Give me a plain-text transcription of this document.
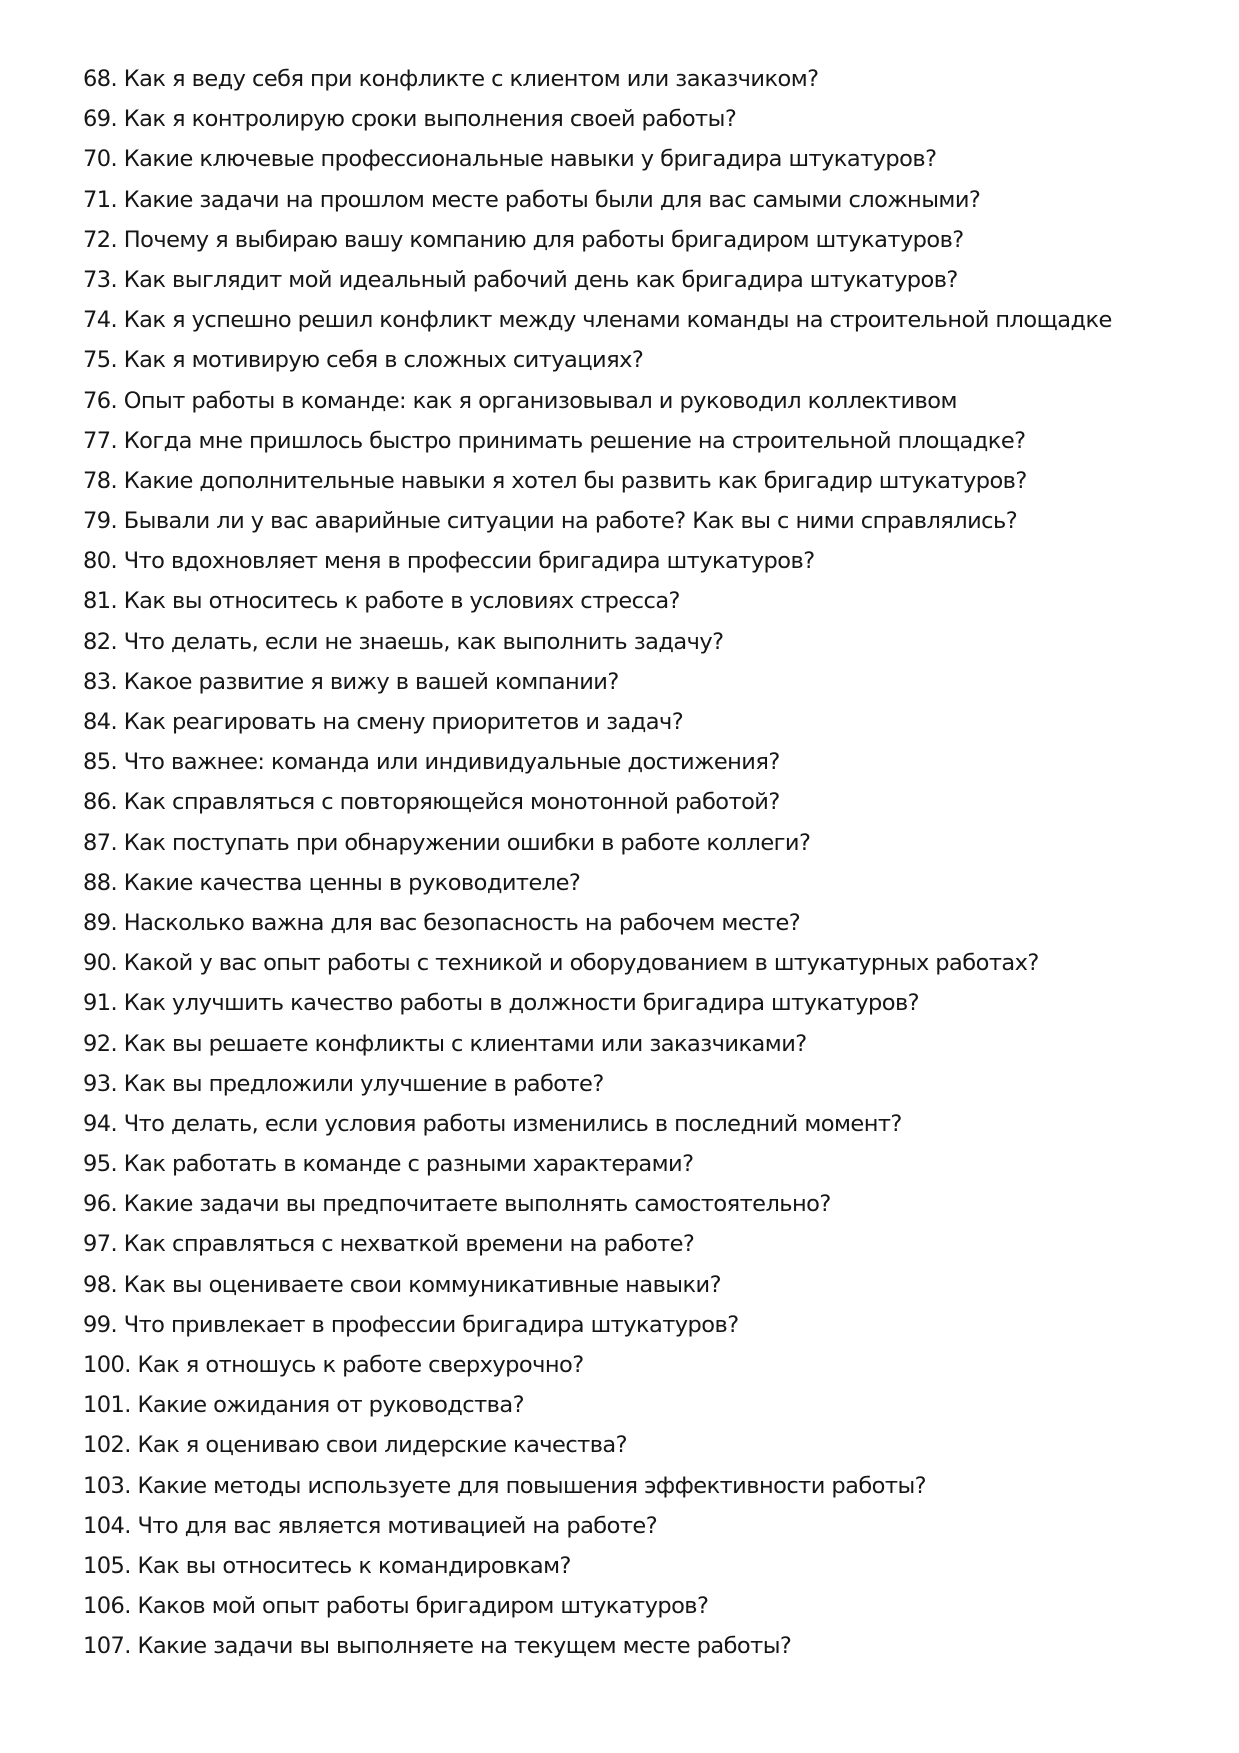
68. Как я веду себя при конфликте с клиентом или заказчиком?
69. Как я контролирую сроки выполнения своей работы?
70. Какие ключевые профессиональные навыки у бригадира штукатуров?
71. Какие задачи на прошлом месте работы были для вас самыми сложными?
72. Почему я выбираю вашу компанию для работы бригадиром штукатуров?
73. Как выглядит мой идеальный рабочий день как бригадира штукатуров?
74. Как я успешно решил конфликт между членами команды на строительной площадке
75. Как я мотивирую себя в сложных ситуациях?
76. Опыт работы в команде: как я организовывал и руководил коллективом
77. Когда мне пришлось быстро принимать решение на строительной площадке?
78. Какие дополнительные навыки я хотел бы развить как бригадир штукатуров?
79. Бывали ли у вас аварийные ситуации на работе? Как вы с ними справлялись?
80. Что вдохновляет меня в профессии бригадира штукатуров?
81. Как вы относитесь к работе в условиях стресса?
82. Что делать, если не знаешь, как выполнить задачу?
83. Какое развитие я вижу в вашей компании?
84. Как реагировать на смену приоритетов и задач?
85. Что важнее: команда или индивидуальные достижения?
86. Как справляться с повторяющейся монотонной работой?
87. Как поступать при обнаружении ошибки в работе коллеги?
88. Какие качества ценны в руководителе?
89. Насколько важна для вас безопасность на рабочем месте?
90. Какой у вас опыт работы с техникой и оборудованием в штукатурных работах?
91. Как улучшить качество работы в должности бригадира штукатуров?
92. Как вы решаете конфликты с клиентами или заказчиками?
93. Как вы предложили улучшение в работе?
94. Что делать, если условия работы изменились в последний момент?
95. Как работать в команде с разными характерами?
96. Какие задачи вы предпочитаете выполнять самостоятельно?
97. Как справляться с нехваткой времени на работе?
98. Как вы оцениваете свои коммуникативные навыки?
99. Что привлекает в профессии бригадира штукатуров?
100. Как я отношусь к работе сверхурочно?
101. Какие ожидания от руководства?
102. Как я оцениваю свои лидерские качества?
103. Какие методы используете для повышения эффективности работы?
104. Что для вас является мотивацией на работе?
105. Как вы относитесь к командировкам?
106. Каков мой опыт работы бригадиром штукатуров?
107. Какие задачи вы выполняете на текущем месте работы?
